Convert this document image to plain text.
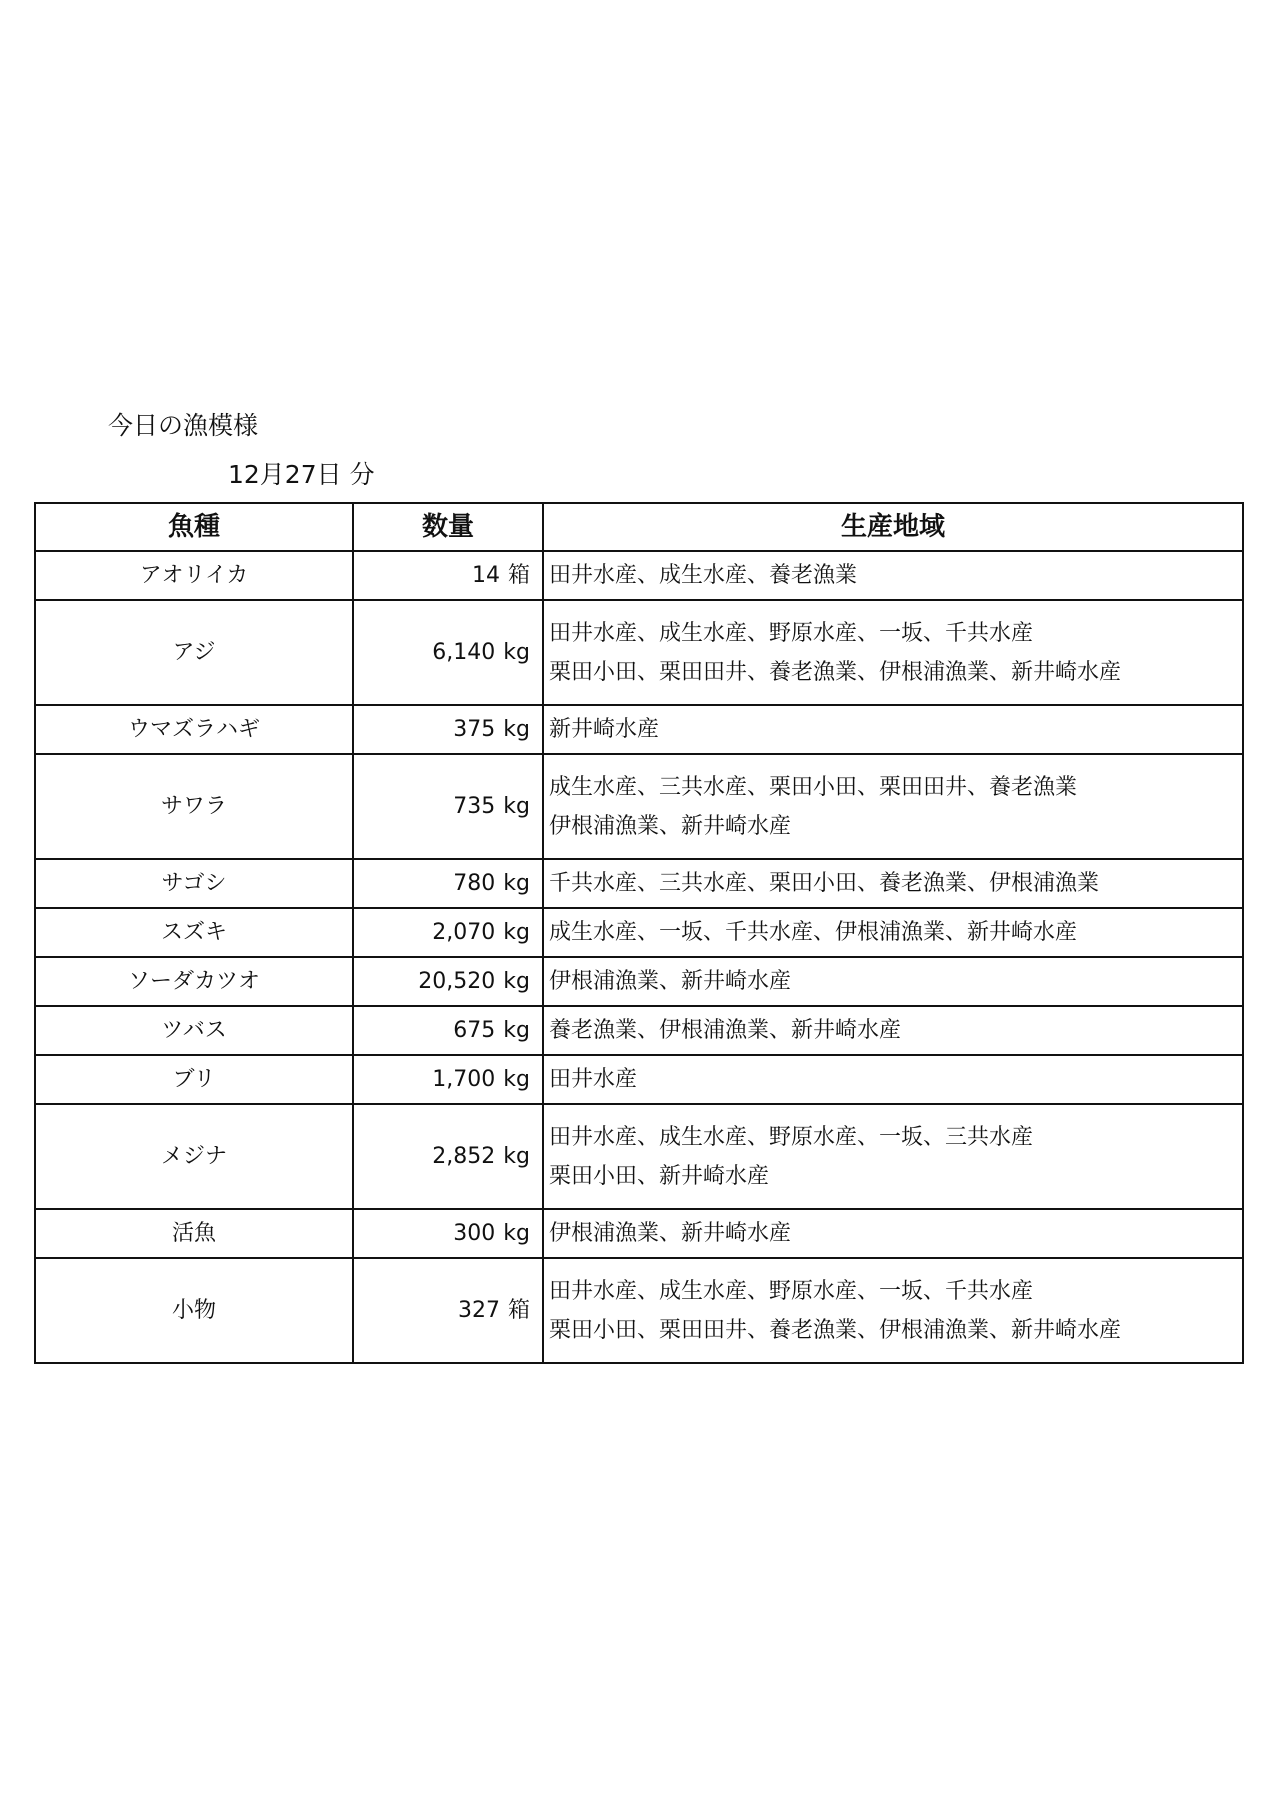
今日の漁模様
12月27日 分
魚種	数量	生産地域
アオリイカ	14 箱	田井水産、成生水産、養老漁業

アジ	6,140 kg	田井水産、成生水産、野原水産、一坂、千共水産
栗田小田、栗田田井、養老漁業、伊根浦漁業、新井崎水産

ウマズラハギ	375 kg	新井崎水産

サワラ	735 kg	成生水産、三共水産、栗田小田、栗田田井、養老漁業
伊根浦漁業、新井崎水産

サゴシ	780 kg	千共水産、三共水産、栗田小田、養老漁業、伊根浦漁業

スズキ	2,070 kg	成生水産、一坂、千共水産、伊根浦漁業、新井崎水産

ソーダカツオ	20,520 kg	伊根浦漁業、新井崎水産

ツバス	675 kg	養老漁業、伊根浦漁業、新井崎水産

ブリ	1,700 kg	田井水産

メジナ	2,852 kg	田井水産、成生水産、野原水産、一坂、三共水産
栗田小田、新井崎水産

活魚	300 kg	伊根浦漁業、新井崎水産

小物	327 箱	田井水産、成生水産、野原水産、一坂、千共水産
栗田小田、栗田田井、養老漁業、伊根浦漁業、新井崎水産
